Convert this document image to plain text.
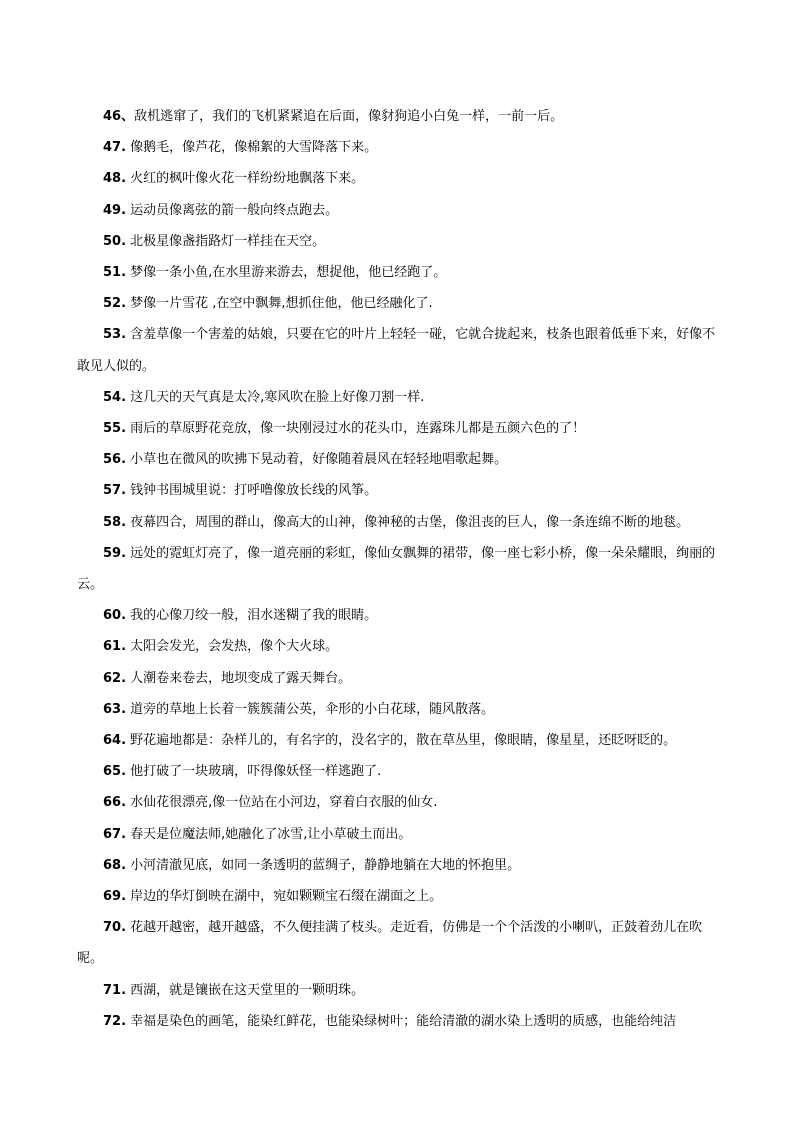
46、敌机逃窜了，我们的飞机紧紧追在后面，像豺狗追小白兔一样，一前一后。

47. 像鹅毛，像芦花，像棉絮的大雪降落下来。

48. 火红的枫叶像火花一样纷纷地飘落下来。

49. 运动员像离弦的箭一般向终点跑去。

50. 北极星像盏指路灯一样挂在天空。

51. 梦像一条小鱼,在水里游来游去，想捉他，他已经跑了。

52. 梦像一片雪花 ,在空中飘舞,想抓住他，他已经融化了.

53. 含羞草像一个害羞的姑娘，只要在它的叶片上轻轻一碰，它就合拢起来，枝条也跟着低垂下来，好像不敢见人似的。

54. 这几天的天气真是太冷,寒风吹在脸上好像刀割一样.

55. 雨后的草原野花竞放，像一块刚浸过水的花头巾，连露珠儿都是五颜六色的了！

56. 小草也在微风的吹拂下晃动着，好像随着晨风在轻轻地唱歌起舞。

57. 钱钟书围城里说：打呼噜像放长线的风筝。

58. 夜幕四合，周围的群山，像高大的山神，像神秘的古堡，像沮丧的巨人，像一条连绵不断的地毯。

59. 远处的霓虹灯亮了，像一道亮丽的彩虹，像仙女飘舞的裙带，像一座七彩小桥，像一朵朵耀眼，绚丽的云。

60. 我的心像刀绞一般，泪水迷糊了我的眼睛。

61. 太阳会发光，会发热，像个大火球。

62. 人潮卷来卷去，地坝变成了露天舞台。

63. 道旁的草地上长着一簇簇蒲公英，伞形的小白花球，随风散落。

64. 野花遍地都是：杂样儿的，有名字的，没名字的，散在草丛里，像眼睛，像星星，还眨呀眨的。

65. 他打破了一块玻璃，吓得像妖怪一样逃跑了.

66. 水仙花很漂亮,像一位站在小河边，穿着白衣服的仙女.

67. 春天是位魔法师,她融化了冰雪,让小草破土而出。

68. 小河清澈见底，如同一条透明的蓝绸子，静静地躺在大地的怀抱里。

69. 岸边的华灯倒映在湖中，宛如颗颗宝石缀在湖面之上。

70. 花越开越密，越开越盛，不久便挂满了枝头。走近看，仿佛是一个个活泼的小喇叭，正鼓着劲儿在吹呢。

71. 西湖，就是镶嵌在这天堂里的一颗明珠。

72. 幸福是染色的画笔，能染红鲜花，也能染绿树叶；能给清澈的湖水染上透明的质感，也能给纯洁
